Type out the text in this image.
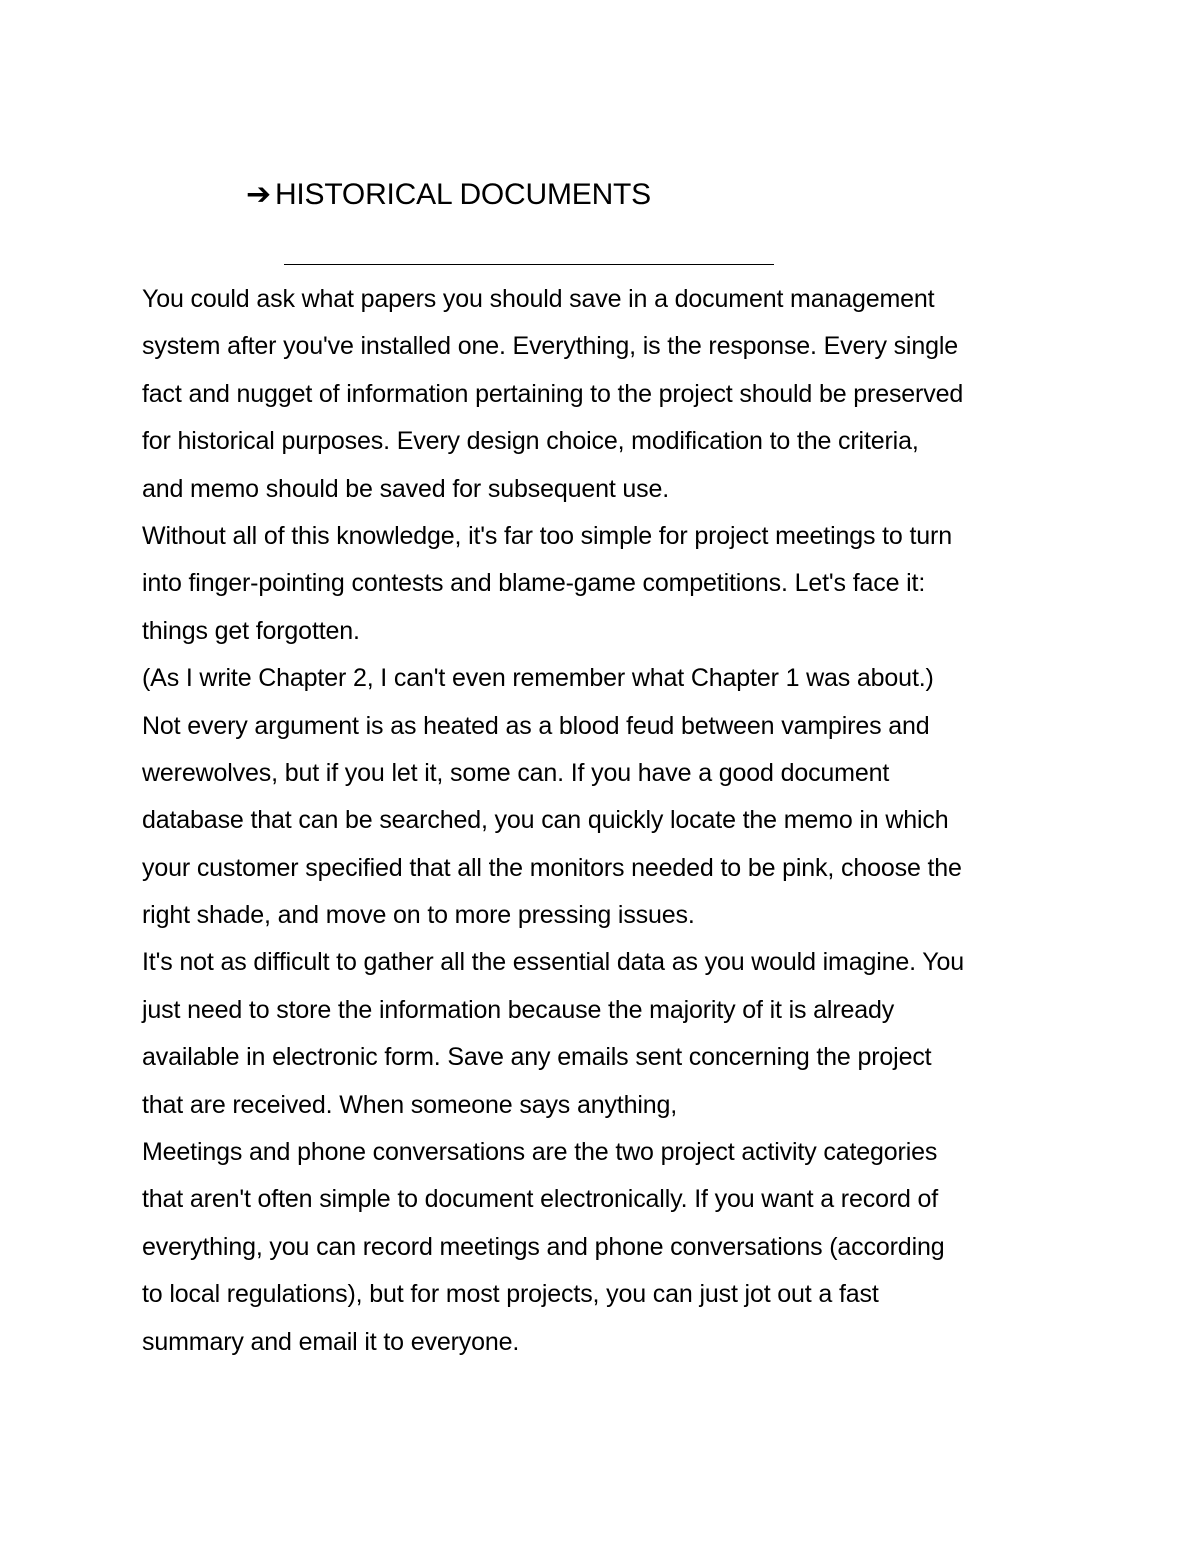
➔ HISTORICAL DOCUMENTS
You could ask what papers you should save in a document management
system after you've installed one. Everything, is the response. Every single
fact and nugget of information pertaining to the project should be preserved
for historical purposes. Every design choice, modification to the criteria,
and memo should be saved for subsequent use.
Without all of this knowledge, it's far too simple for project meetings to turn
into finger-pointing contests and blame-game competitions. Let's face it:
things get forgotten.
(As I write Chapter 2, I can't even remember what Chapter 1 was about.)
Not every argument is as heated as a blood feud between vampires and
werewolves, but if you let it, some can. If you have a good document
database that can be searched, you can quickly locate the memo in which
your customer specified that all the monitors needed to be pink, choose the
right shade, and move on to more pressing issues.
It's not as difficult to gather all the essential data as you would imagine. You
just need to store the information because the majority of it is already
available in electronic form. Save any emails sent concerning the project
that are received. When someone says anything,
Meetings and phone conversations are the two project activity categories
that aren't often simple to document electronically. If you want a record of
everything, you can record meetings and phone conversations (according
to local regulations), but for most projects, you can just jot out a fast
summary and email it to everyone.
